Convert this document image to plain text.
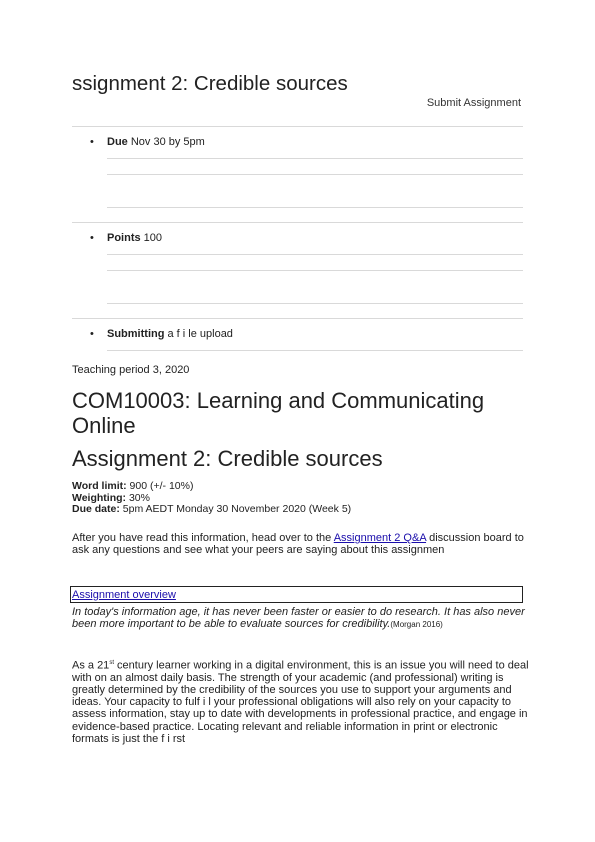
ssignment 2: Credible sources
Submit Assignment
• Due Nov 30 by 5pm
• Points 100
• Submitting a f i le upload
Teaching period 3, 2020
COM10003: Learning and Communicating Online
Assignment 2: Credible sources
Word limit: 900 (+/- 10%)
Weighting: 30%
Due date: 5pm AEDT Monday 30 November 2020 (Week 5)
After you have read this information, head over to the Assignment 2 Q&A discussion board to ask any questions and see what your peers are saying about this assignmen
Assignment overview
In today's information age, it has never been faster or easier to do research. It has also never been more important to be able to evaluate sources for credibility.(Morgan 2016)
As a 21st century learner working in a digital environment, this is an issue you will need to deal with on an almost daily basis. The strength of your academic (and professional) writing is greatly determined by the credibility of the sources you use to support your arguments and ideas. Your capacity to fulf i l your professional obligations will also rely on your capacity to assess information, stay up to date with developments in professional practice, and engage in evidence-based practice. Locating relevant and reliable information in print or electronic formats is just the f i rst
